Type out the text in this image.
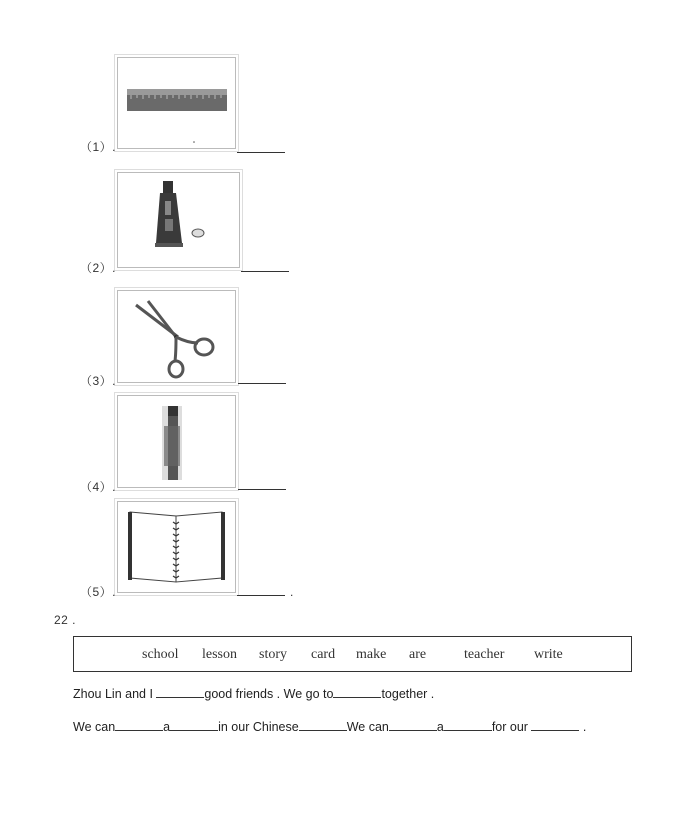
（1）.
（2）.
（3）.
（4）.
（5）.	.
22 .
school lesson story card make are	teacher write
Zhou Lin and I	good friends . We go to	together .
We can	a	in our Chinese	We can	a	for our	.
